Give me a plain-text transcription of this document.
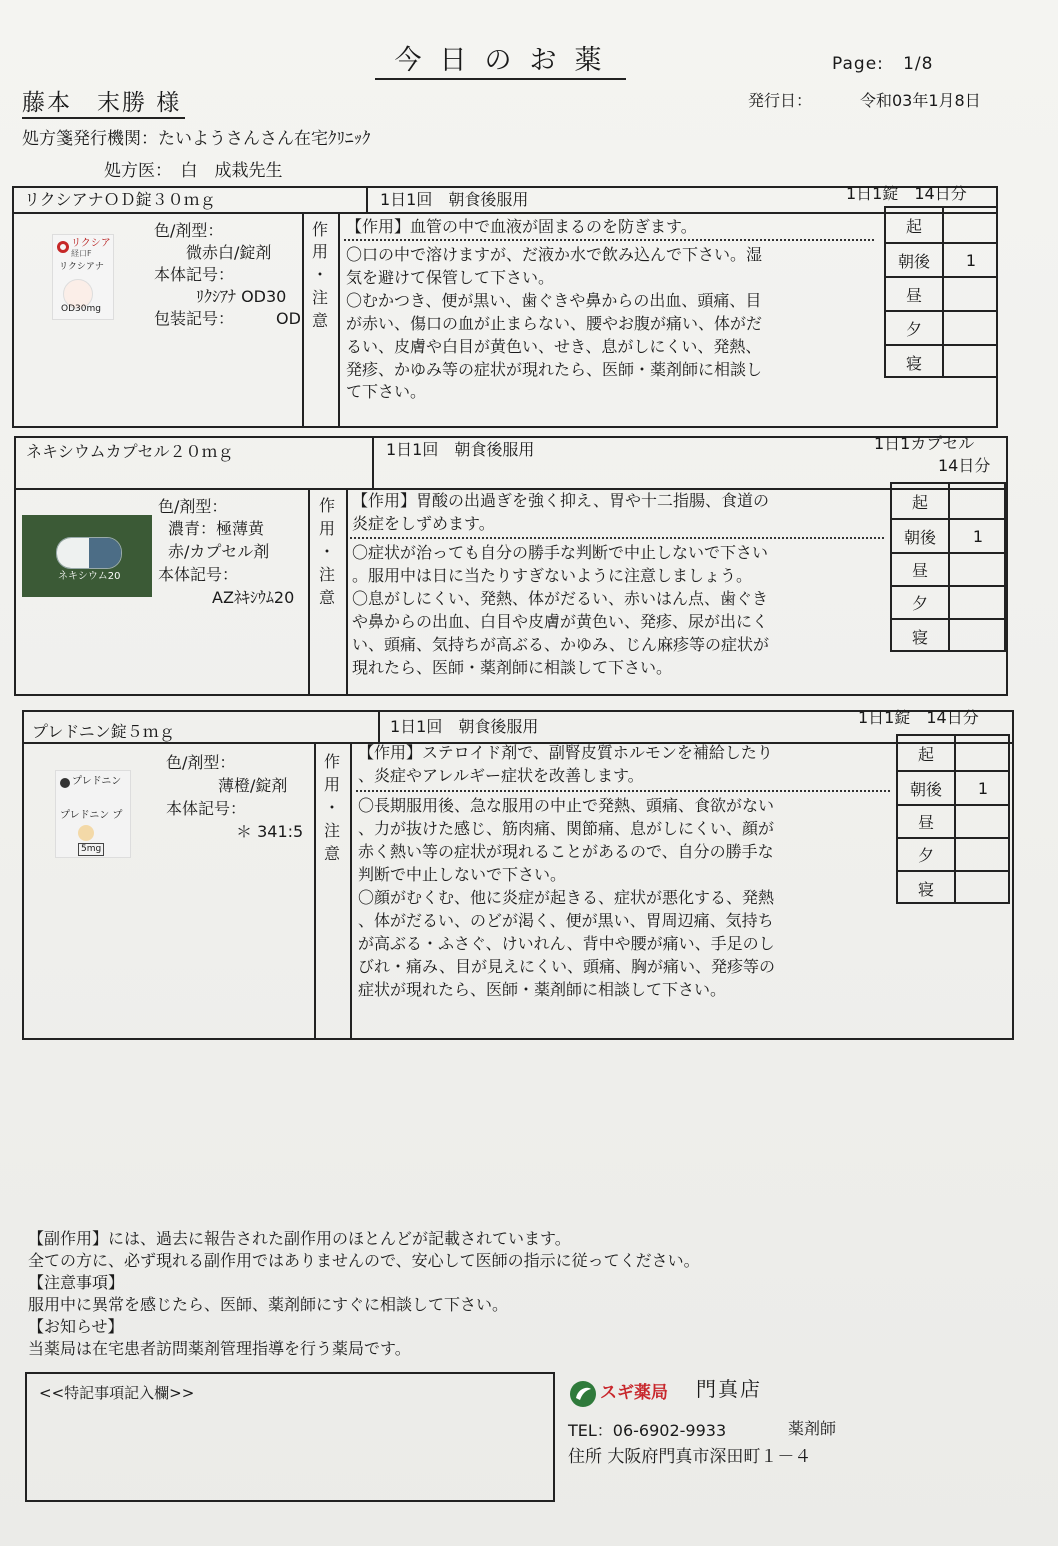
今日のお薬	Page: 1/8
藤本　末勝 様	発行日：	令和03年1月8日
処方箋発行機関：たいようさんさん在宅ｸﾘﾆｯｸ
処方医：　白　成栽先生
リクシアナＯＤ錠３０ｍｇ	1日1回　朝食後服用	1日1錠　14日分
リクシア
経口F
リクシアナ
OD30mg
色/剤型：
微赤白/錠剤
本体記号：
ﾘｸｼｱﾅ OD30
包装記号：	OD
作
用
・
注
意
【作用】血管の中で血液が固まるのを防ぎます。
〇口の中で溶けますが、だ液か水で飲み込んで下さい。湿
気を避けて保管して下さい。
〇むかつき、便が黒い、歯ぐきや鼻からの出血、頭痛、目
が赤い、傷口の血が止まらない、腰やお腹が痛い、体がだ
るい、皮膚や白目が黄色い、せき、息がしにくい、発熱、
発疹、かゆみ等の症状が現れたら、医師・薬剤師に相談し
て下さい。
起
朝後	1
昼
夕
寝
ネキシウムカプセル２０ｍｇ	1日1回　朝食後服用	1日1カプセル
14日分
ネキシウム20
色/剤型：
濃青：極薄黄
赤/カプセル剤
本体記号：
AZﾈｷｼｳﾑ20
作
用
・
注
意
【作用】胃酸の出過ぎを強く抑え、胃や十二指腸、食道の
炎症をしずめます。
〇症状が治っても自分の勝手な判断で中止しないで下さい
。服用中は日に当たりすぎないように注意しましょう。
〇息がしにくい、発熱、体がだるい、赤いはん点、歯ぐき
や鼻からの出血、白目や皮膚が黄色い、発疹、尿が出にく
い、頭痛、気持ちが高ぶる、かゆみ、じん麻疹等の症状が
現れたら、医師・薬剤師に相談して下さい。
起
朝後	1
昼
夕
寝
プレドニン錠５ｍｇ	1日1回　朝食後服用	1日1錠　14日分
プレドニン
プレドニン プ
5mg
色/剤型：
薄橙/錠剤
本体記号：
＊ 341:5
作
用
・
注
意
【作用】ステロイド剤で、副腎皮質ホルモンを補給したり
、炎症やアレルギー症状を改善します。
〇長期服用後、急な服用の中止で発熱、頭痛、食欲がない
、力が抜けた感じ、筋肉痛、関節痛、息がしにくい、顔が
赤く熱い等の症状が現れることがあるので、自分の勝手な
判断で中止しないで下さい。
〇顔がむくむ、他に炎症が起きる、症状が悪化する、発熱
、体がだるい、のどが渇く、便が黒い、胃周辺痛、気持ち
が高ぶる・ふさぐ、けいれん、背中や腰が痛い、手足のし
びれ・痛み、目が見えにくい、頭痛、胸が痛い、発疹等の
症状が現れたら、医師・薬剤師に相談して下さい。
起
朝後	1
昼
夕
寝
【副作用】には、過去に報告された副作用のほとんどが記載されています。
全ての方に、必ず現れる副作用ではありませんので、安心して医師の指示に従ってください。
【注意事項】
服用中に異常を感じたら、医師、薬剤師にすぐに相談して下さい。
【お知らせ】
当薬局は在宅患者訪問薬剤管理指導を行う薬局です。
<<特記事項記入欄>>	スギ薬局 門真店
TEL：06-6902-9933	薬剤師
住所 大阪府門真市深田町１－４
